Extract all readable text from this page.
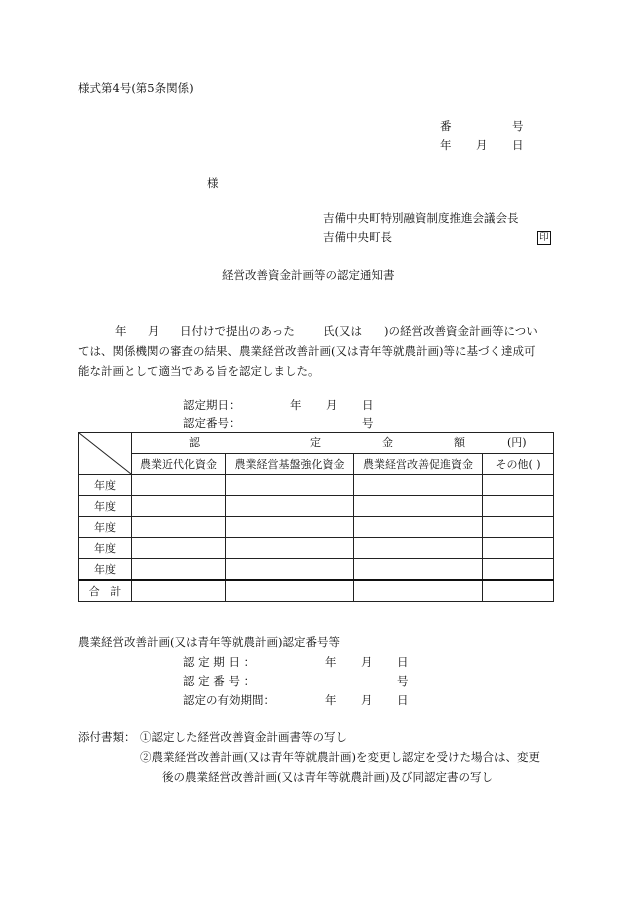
様式第4号(第5条関係)
番	号
年 月 日
様
吉備中央町特別融資制度推進会議会長
吉備中央町長	印
経営改善資金計画等の認定通知書
年 月 日付けで提出のあった 氏(又は )の経営改善資金計画等につい
ては、関係機関の審査の結果、農業経営改善計画(又は青年等就農計画)等に基づく達成可
能な計画として適当である旨を認定しました。
認定期日：	年 月 日
認定番号：	号

認 定 金 額 (円)			

	農業近代化資金	農業経営基盤強化資金	農業経営改善促進資金	その他( )
年度				
年度				
年度				
年度				
年度				
合 計				
農業経営改善計画(又は青年等就農計画)認定番号等
認 定 期 日 ：	年 月 日
認 定 番 号 ：	号
認定の有効期間：	年 月 日
添付書類： ①認定した経営改善資金計画書等の写し
②農業経営改善計画(又は青年等就農計画)を変更し認定を受けた場合は、変更
後の農業経営改善計画(又は青年等就農計画)及び同認定書の写し
